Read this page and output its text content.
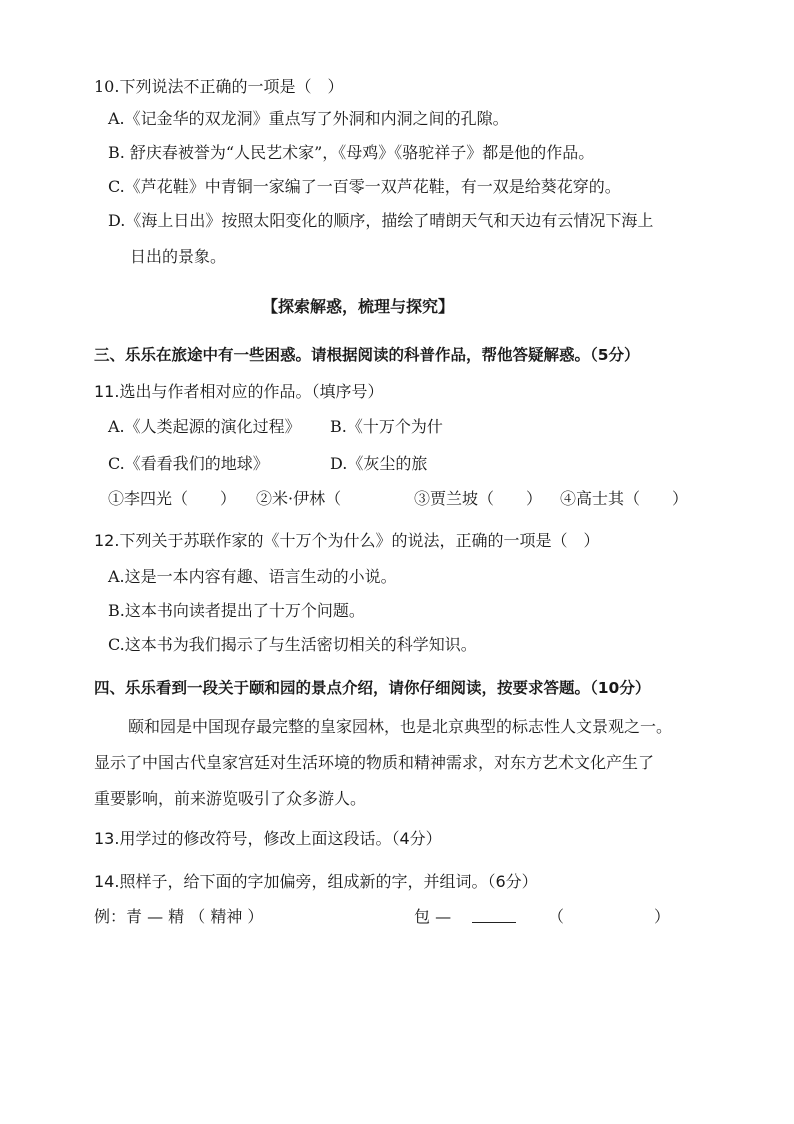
10.下列说法不正确的一项是（　）
A.《记金华的双龙洞》重点写了外洞和内洞之间的孔隙。
B. 舒庆春被誉为“人民艺术家”，《母鸡》《骆驼祥子》都是他的作品。
C.《芦花鞋》中青铜一家编了一百零一双芦花鞋，有一双是给葵花穿的。
D.《海上日出》按照太阳变化的顺序，描绘了晴朗天气和天边有云情况下海上
日出的景象。
【探索解惑，梳理与探究】
三、乐乐在旅途中有一些困惑。请根据阅读的科普作品，帮他答疑解惑。（5分）
11.选出与作者相对应的作品。（填序号）
A.《人类起源的演化过程》 B.《十万个为什
C.《看看我们的地球》	D.《灰尘的旅
①李四光（　　） ②米·伊林（	③贾兰坡（　　） ④高士其（　　）
12.下列关于苏联作家的《十万个为什么》的说法，正确的一项是（　）
A.这是一本内容有趣、语言生动的小说。
B.这本书向读者提出了十万个问题。
C.这本书为我们揭示了与生活密切相关的科学知识。
四、乐乐看到一段关于颐和园的景点介绍，请你仔细阅读，按要求答题。（10分）
颐和园是中国现存最完整的皇家园林，也是北京典型的标志性人文景观之一。
显示了中国古代皇家宫廷对生活环境的物质和精神需求，对东方艺术文化产生了
重要影响，前来游览吸引了众多游人。
13.用学过的修改符号，修改上面这段话。（4分）
14.照样子，给下面的字加偏旁，组成新的字，并组词。（6分）
例：青 — 精 （ 精神 ）	包 —	（	）
